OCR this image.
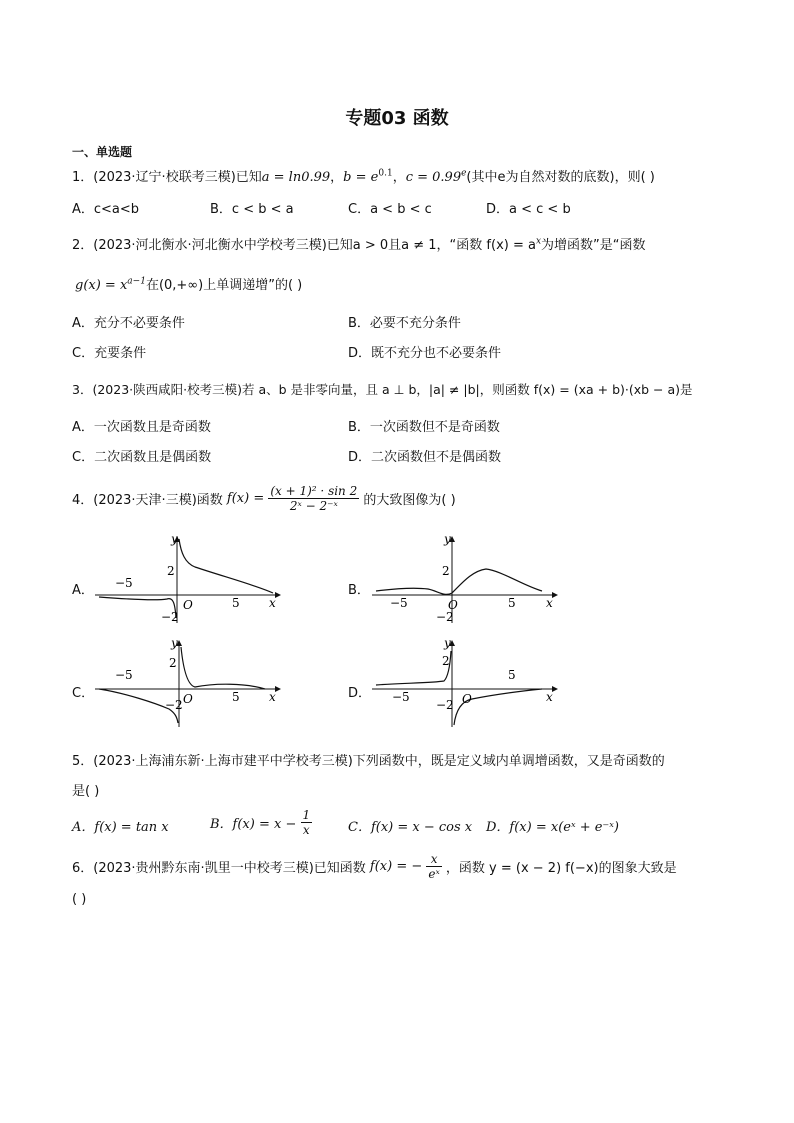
专题03 函数
一、单选题
1．(2023·辽宁·校联考三模)已知a = ln0.99，$b = e^{0.1}$，c = 0.99$^e$(其中e为自然对数的底数)，则( )
A．c<a<b	B．c < b < a	C．a < b < c	D．a < c < b
2．(2023·河北衡水·河北衡水中学校考三模)已知a > 0且a ≠ 1，“函数 $f(x) = a^x$为增函数”是“函数
$g(x) = x^{a-1}$在(0,+∞)上单调递增”的( )
A．充分不必要条件	B．必要不充分条件
C．充要条件	D．既不充分也不必要条件
3．(2023·陕西咸阳·校考三模)若 a、b 是非零向量，且 a ⊥ b，|a| ≠ |b|，则函数 f(x) = (xa + b)·(xb − a)是
A．一次函数且是奇函数	B．一次函数但不是奇函数
C．二次函数且是偶函数	D．二次函数但不是偶函数
4．(2023·天津·三模)函数 $f(x) = \frac{\text{(x + 1)² · sin 2}}{\text{2ˣ − 2⁻ˣ}}$ 的大致图像为( )
A．	B．
C．	D．
y
x
O
2
−2
−5
5
y
x
O
2
−2
−5	5
y
x
O
2
−2
−5
5
y
x
O
2
−2
−5
5
5．(2023·上海浦东新·上海市建平中学校考三模)下列函数中，既是定义域内单调增函数，又是奇函数的
是( )
A．f(x) = tan x	B．$f(x) = x - \frac{1}{x}$	C．f(x) = x − cos x D．f(x) = x(eˣ + e⁻ˣ)
6．(2023·贵州黔东南·凯里一中校考三模)已知函数 f(x) = − $\frac{x}{\text{eˣ}}$ ，函数 y = (x − 2) f(−x)的图象大致是
( )
